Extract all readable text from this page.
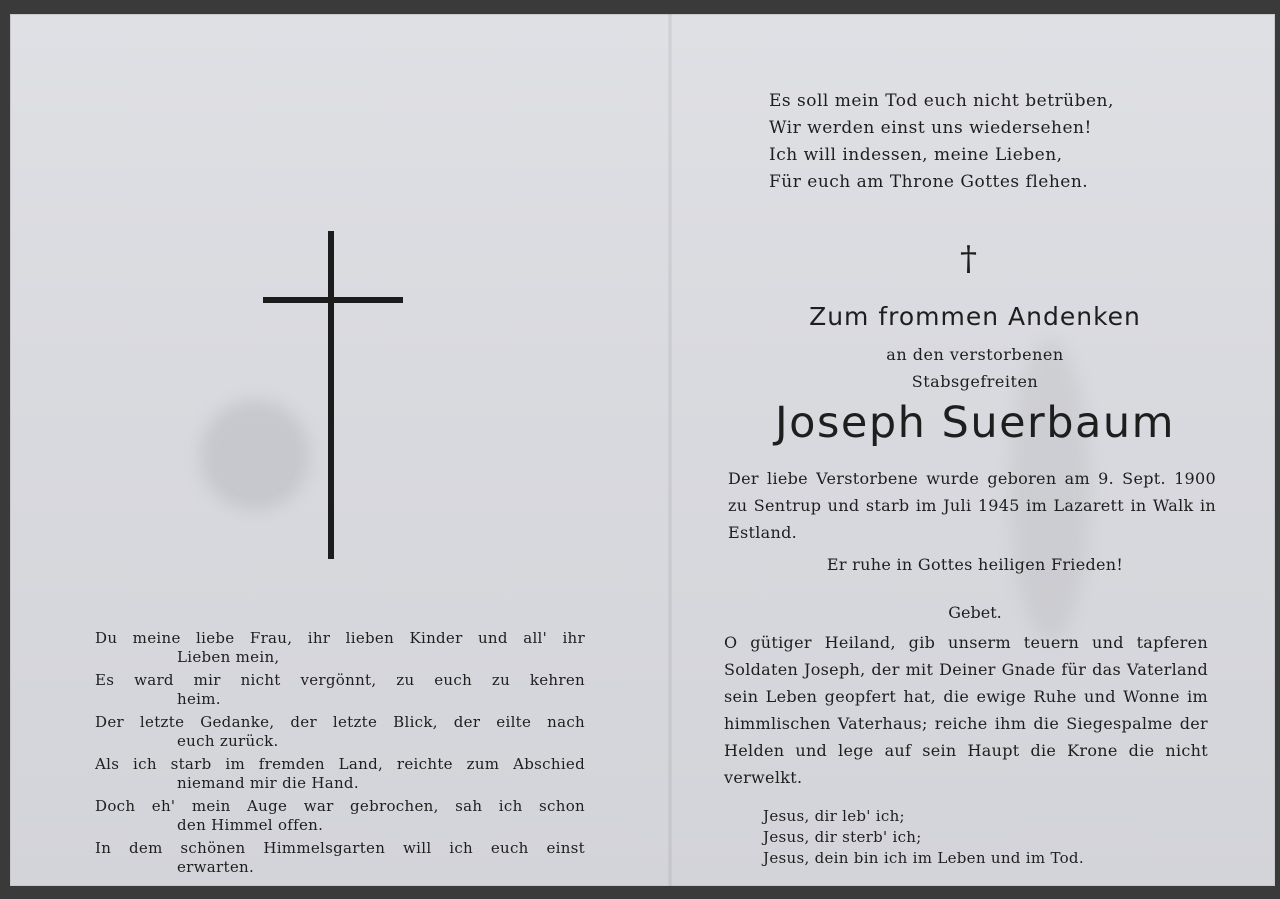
Es soll mein Tod euch nicht betrüben,
Wir werden einst uns wiedersehen!
Ich will indessen, meine Lieben,
Für euch am Throne Gottes flehen.
†
Zum frommen Andenken
an den verstorbenen
Stabsgefreiten
Joseph Suerbaum
Der liebe Verstorbene wurde geboren am 9. Sept. 1900 zu Sentrup und starb im Juli 1945 im Lazarett in Walk in Estland.
Er ruhe in Gottes heiligen Frieden!
Gebet.
O gütiger Heiland, gib unserm teuern und tapferen Soldaten Joseph, der mit Deiner Gnade für das Vaterland sein Leben geopfert hat, die ewige Ruhe und Wonne im himmlischen Vaterhaus; reiche ihm die Siegespalme der Helden und lege auf sein Haupt die Krone die nicht verwelkt.
Jesus, dir leb' ich;
Jesus, dir sterb' ich;
Jesus, dein bin ich im Leben und im Tod.
Du meine liebe Frau, ihr lieben Kinder und all' ihr
Lieben mein,
Es ward mir nicht vergönnt, zu euch zu kehren
heim.
Der letzte Gedanke, der letzte Blick, der eilte nach
euch zurück.
Als ich starb im fremden Land, reichte zum Abschied
niemand mir die Hand.
Doch eh' mein Auge war gebrochen, sah ich schon
den Himmel offen.
In dem schönen Himmelsgarten will ich euch einst
erwarten.
